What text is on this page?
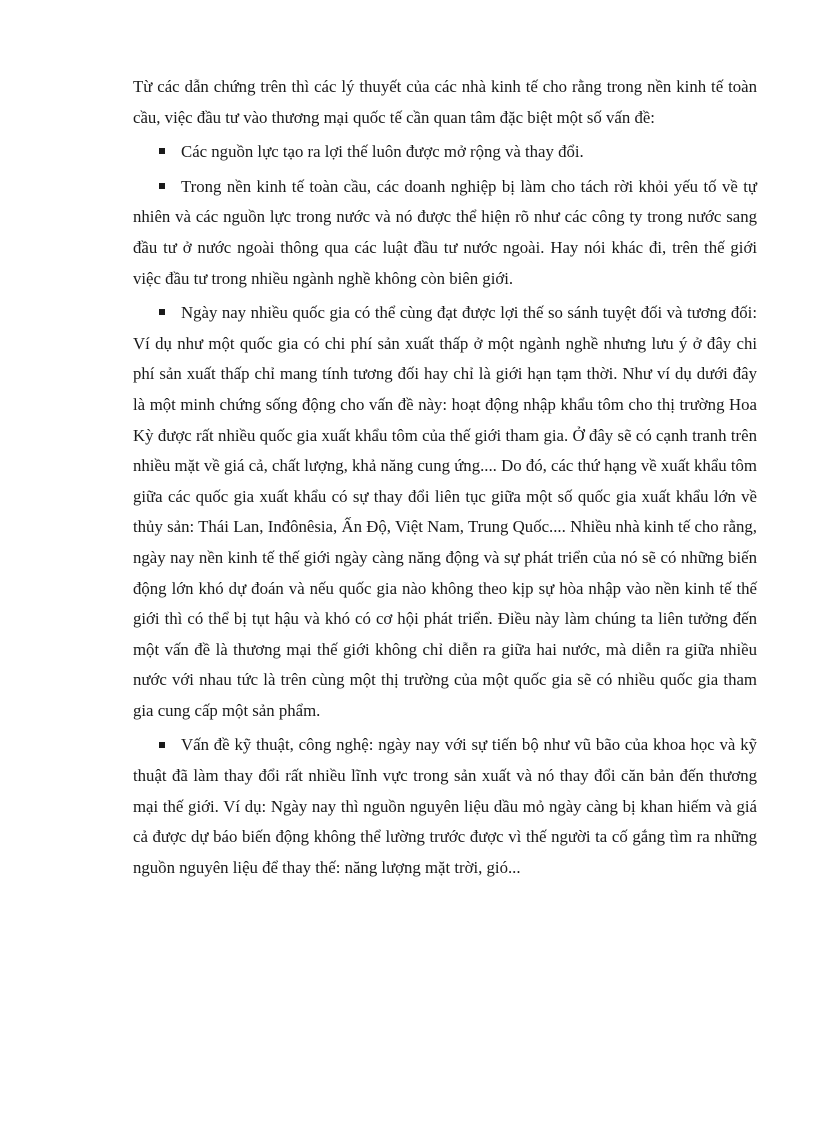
Từ các dẫn chứng trên thì các lý thuyết của các nhà kinh tế cho rằng trong nền kinh tế toàn cầu, việc đầu tư vào thương mại quốc tế cần quan tâm đặc biệt một số vấn đề:

Các nguồn lực tạo ra lợi thế luôn được mở rộng và thay đổi.

Trong nền kinh tế toàn cầu, các doanh nghiệp bị làm cho tách rời khỏi yếu tố về tự nhiên và các nguồn lực trong nước và nó được thể hiện rõ như các công ty trong nước sang đầu tư ở nước ngoài thông qua các luật đầu tư nước ngoài. Hay nói khác đi, trên thế giới việc đầu tư trong nhiều ngành nghề không còn biên giới.

Ngày nay nhiều quốc gia có thể cùng đạt được lợi thế so sánh tuyệt đối và tương đối: Ví dụ như một quốc gia có chi phí sản xuất thấp ở một ngành nghề nhưng lưu ý ở đây chi phí sản xuất thấp chỉ mang tính tương đối hay chỉ là giới hạn tạm thời. Như ví dụ dưới đây là một minh chứng sống động cho vấn đề này: hoạt động nhập khẩu tôm cho thị trường Hoa Kỳ được rất nhiều quốc gia xuất khẩu tôm của thế giới tham gia. Ở đây sẽ có cạnh tranh trên nhiều mặt về giá cả, chất lượng, khả năng cung ứng.... Do đó, các thứ hạng về xuất khẩu tôm giữa các quốc gia xuất khẩu có sự thay đổi liên tục giữa một số quốc gia xuất khẩu lớn về thủy sản: Thái Lan, Inđônêsia, Ấn Độ, Việt Nam, Trung Quốc.... Nhiều nhà kinh tế cho rằng, ngày nay nền kinh tế thế giới ngày càng năng động và sự phát triển của nó sẽ có những biến động lớn khó dự đoán và nếu quốc gia nào không theo kịp sự hòa nhập vào nền kinh tế thế giới thì có thể bị tụt hậu và khó có cơ hội phát triển. Điều này làm chúng ta liên tưởng đến một vấn đề là thương mại thế giới không chỉ diễn ra giữa hai nước, mà diễn ra giữa nhiều nước với nhau tức là trên cùng một thị trường của một quốc gia sẽ có nhiều quốc gia tham gia cung cấp một sản phẩm.

Vấn đề kỹ thuật, công nghệ: ngày nay với sự tiến bộ như vũ bão của khoa học và kỹ thuật đã làm thay đổi rất nhiều lĩnh vực trong sản xuất và nó thay đổi căn bản đến thương mại thế giới. Ví dụ: Ngày nay thì nguồn nguyên liệu dầu mỏ ngày càng bị khan hiếm và giá cả được dự báo biến động không thể lường trước được vì thế người ta cố gắng tìm ra những nguồn nguyên liệu để thay thế: năng lượng mặt trời, gió...
